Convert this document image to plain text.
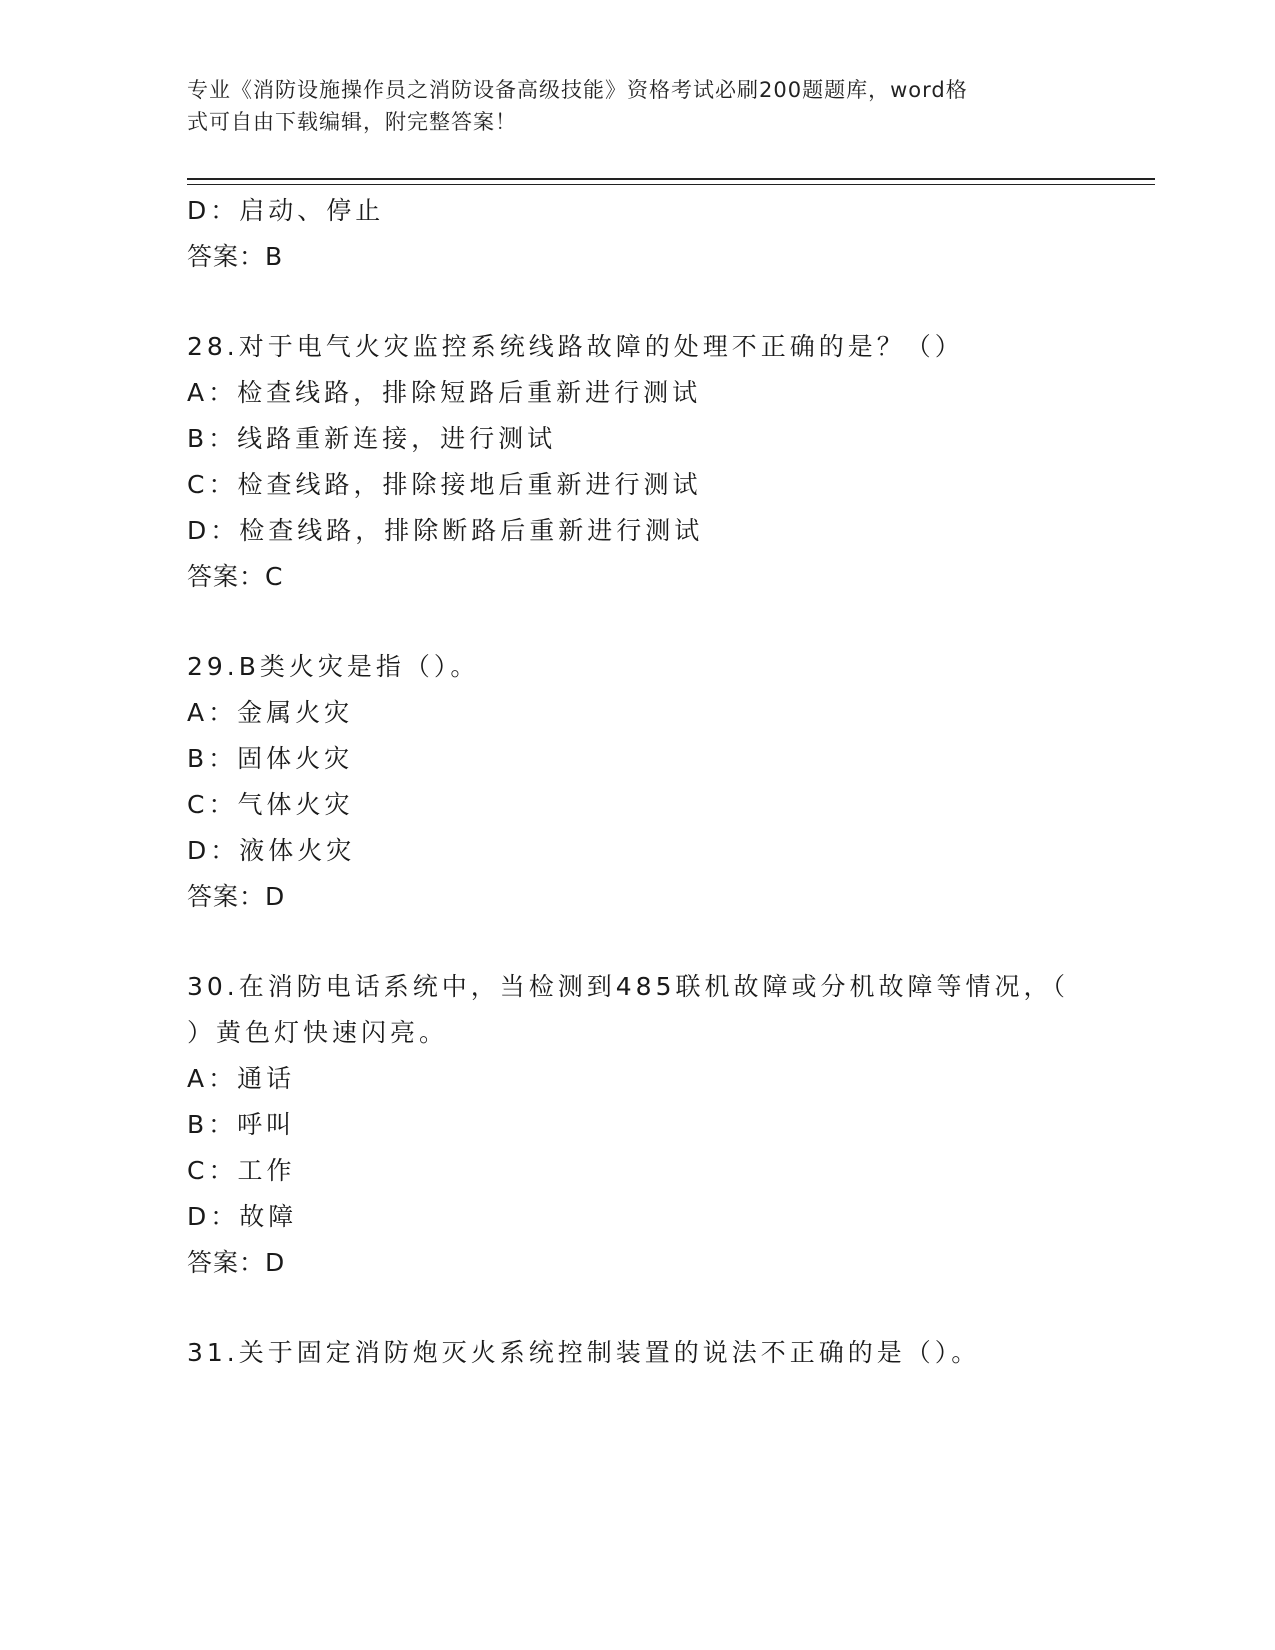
专业《消防设施操作员之消防设备高级技能》资格考试必刷200题题库，word格
式可自由下载编辑，附完整答案！
D：启动、停止
答案：B
28.对于电气火灾监控系统线路故障的处理不正确的是？（）
A：检查线路，排除短路后重新进行测试
B：线路重新连接，进行测试
C：检查线路，排除接地后重新进行测试
D：检查线路，排除断路后重新进行测试
答案：C
29.B类火灾是指（）。
A：金属火灾
B：固体火灾
C：气体火灾
D：液体火灾
答案：D
30.在消防电话系统中，当检测到485联机故障或分机故障等情况，（
）黄色灯快速闪亮。
A：通话
B：呼叫
C：工作
D：故障
答案：D
31.关于固定消防炮灭火系统控制装置的说法不正确的是（）。
